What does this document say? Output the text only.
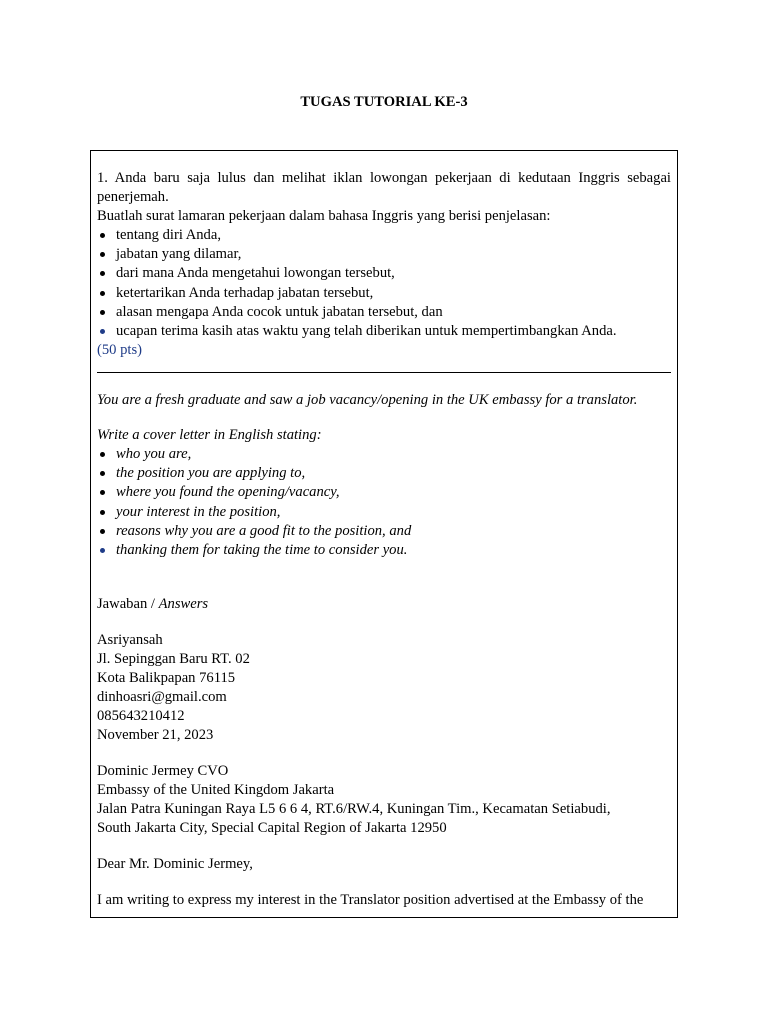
TUGAS TUTORIAL KE-3
1. Anda baru saja lulus dan melihat iklan lowongan pekerjaan di kedutaan Inggris sebagai penerjemah.
Buatlah surat lamaran pekerjaan dalam bahasa Inggris yang berisi penjelasan:
tentang diri Anda,
jabatan yang dilamar,
dari mana Anda mengetahui lowongan tersebut,
ketertarikan Anda terhadap jabatan tersebut,
alasan mengapa Anda cocok untuk jabatan tersebut, dan
ucapan terima kasih atas waktu yang telah diberikan untuk mempertimbangkan Anda.
(50 pts)
You are a fresh graduate and saw a job vacancy/opening in the UK embassy for a translator.
Write a cover letter in English stating:
who you are,
the position you are applying to,
where you found the opening/vacancy,
your interest in the position,
reasons why you are a good fit to the position, and
thanking them for taking the time to consider you.
Jawaban / Answers
Asriyansah
Jl. Sepinggan Baru RT. 02
Kota Balikpapan 76115
dinhoasri@gmail.com
085643210412
November 21, 2023
Dominic Jermey CVO
Embassy of the United Kingdom Jakarta
Jalan Patra Kuningan Raya L5 6 6 4, RT.6/RW.4, Kuningan Tim., Kecamatan Setiabudi,
South Jakarta City, Special Capital Region of Jakarta 12950
Dear Mr. Dominic Jermey,
I am writing to express my interest in the Translator position advertised at the Embassy of the
